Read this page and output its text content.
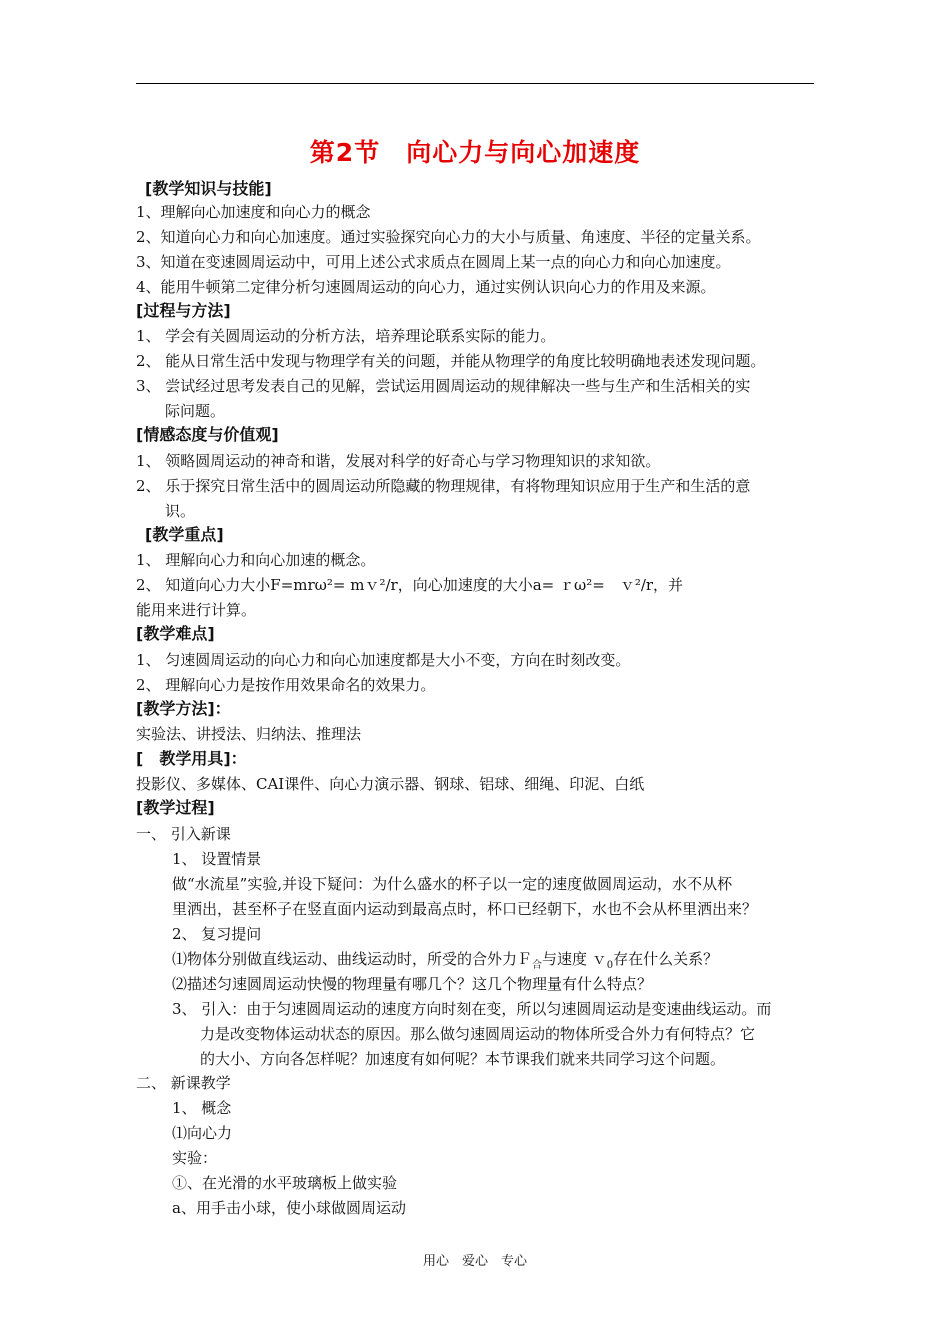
第2节　向心力与向心加速度
[教学知识与技能]
1、理解向心加速度和向心力的概念
2、知道向心力和向心加速度。通过实验探究向心力的大小与质量、角速度、半径的定量关系。
3、知道在变速圆周运动中，可用上述公式求质点在圆周上某一点的向心力和向心加速度。
4、能用牛顿第二定律分析匀速圆周运动的向心力，通过实例认识向心力的作用及来源。
[过程与方法]
1、 学会有关圆周运动的分析方法，培养理论联系实际的能力。
2、 能从日常生活中发现与物理学有关的问题，并能从物理学的角度比较明确地表述发现问题。
3、 尝试经过思考发表自己的见解，尝试运用圆周运动的规律解决一些与生产和生活相关的实
际问题。
[情感态度与价值观]
1、 领略圆周运动的神奇和谐，发展对科学的好奇心与学习物理知识的求知欲。
2、 乐于探究日常生活中的圆周运动所隐藏的物理规律，有将物理知识应用于生产和生活的意
识。
[教学重点]
1、 理解向心力和向心加速的概念。
2、 知道向心力大小F=mrω²= mｖ²/r，向心加速度的大小a= ｒω²=　ｖ²/r，并
能用来进行计算。
[教学难点]
1、 匀速圆周运动的向心力和向心加速度都是大小不变，方向在时刻改变。
2、 理解向心力是按作用效果命名的效果力。
[教学方法]：
实验法、讲授法、归纳法、推理法
[　教学用具]：
投影仪、多媒体、CAI课件、向心力演示器、钢球、铝球、细绳、印泥、白纸
[教学过程]
一、 引入新课
1、 设置情景
做“水流星”实验,并设下疑问：为什么盛水的杯子以一定的速度做圆周运动，水不从杯
里洒出，甚至杯子在竖直面内运动到最高点时，杯口已经朝下，水也不会从杯里洒出来？
2、 复习提问
⑴物体分别做直线运动、曲线运动时，所受的合外力Ｆ$_合$与速度 ｖ$_0$存在什么关系？
⑵描述匀速圆周运动快慢的物理量有哪几个？这几个物理量有什么特点？
3、 引入：由于匀速圆周运动的速度方向时刻在变，所以匀速圆周运动是变速曲线运动。而
力是改变物体运动状态的原因。那么做匀速圆周运动的物体所受合外力有何特点？它
的大小、方向各怎样呢？加速度有如何呢？本节课我们就来共同学习这个问题。
二、 新课教学
1、 概念
⑴向心力
实验：
①、在光滑的水平玻璃板上做实验
a、用手击小球，使小球做圆周运动
用心　爱心　专心
